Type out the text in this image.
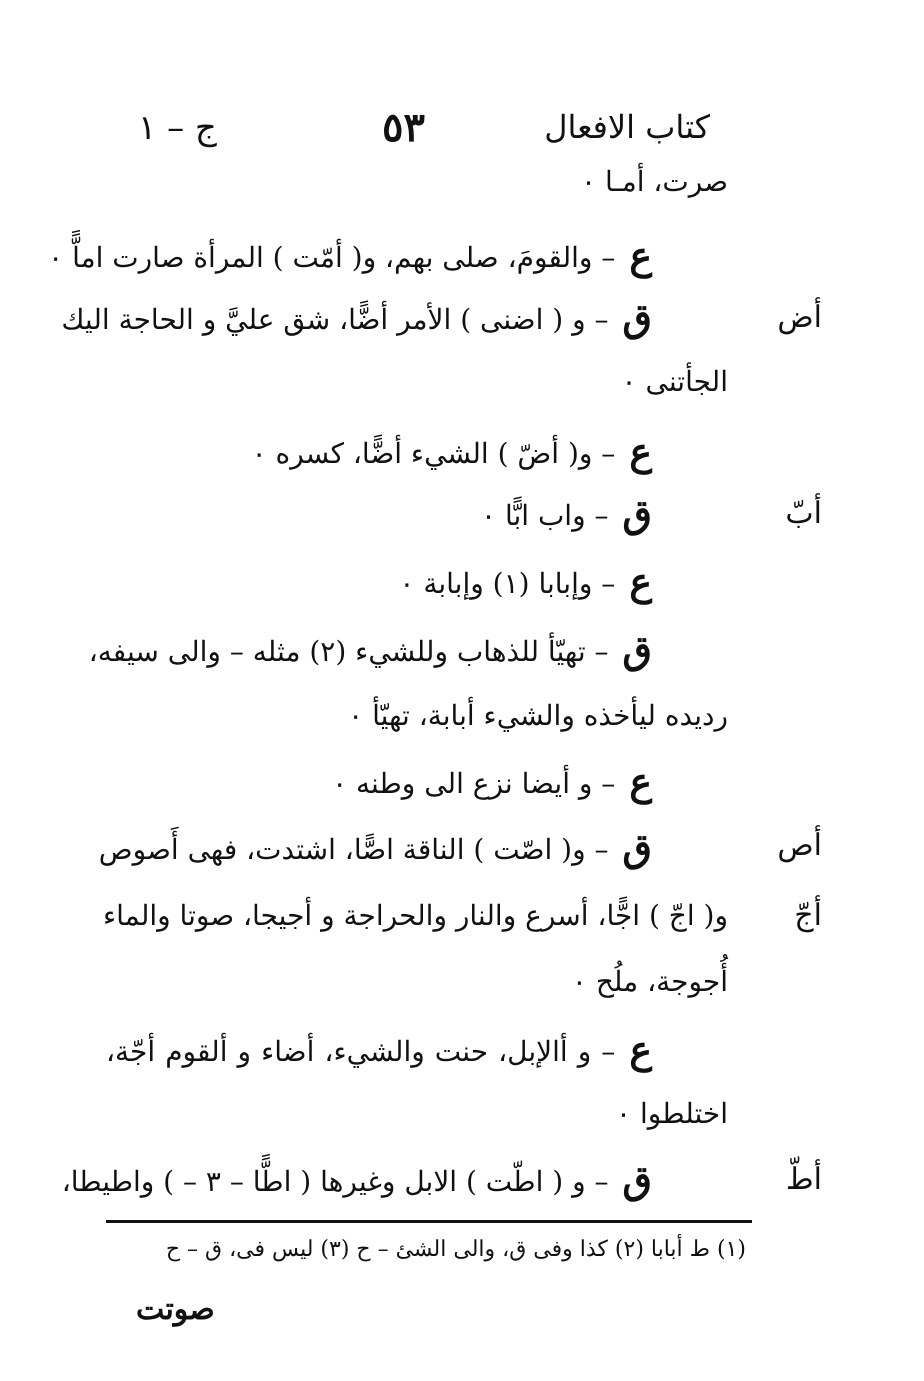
ج – ١	٥٣	كتاب الافعال
صرت، أمـا ٠
ع– والقومَ، صلى بهم، و( أمّت ) المرأة صارت اماًّ ٠
ق– و ( اضنى ) الأمر أضًّا، شق عليَّ و الحاجة اليك
الجأتنى ٠
ع– و( أضّ ) الشيء أضًّا، كسره ٠
ق– واب ابًّا ٠
ع– وإبابا (١) وإبابة ٠
ق– تهيّأ للذهاب وللشيء (٢) مثله – والى سيفه،
رديده ليأخذه والشيء أبابة، تهيّأ ٠
ع– و أيضا نزع الى وطنه ٠
ق– و( اصّت ) الناقة اصًّا، اشتدت، فهى أَصوص
و( اجّ ) اجًّا، أسرع والنار والحراجة و أجيجا، صوتا والماء
أُجوجة، ملُح ٠
ع– و أالإبل، حنت والشيء، أضاء و ألقوم أجّة،
اختلطوا ٠
ق– و ( اطّت ) الابل وغيرها ( اطًّا – ٣ – ) واطيطا،
أض
أبّ
أص
أجّ
أطّ
(١) ط أبابا (٢) كذا وفى ق، والى الشئ – ح (٣) ليس فى، ق – ح
صوتت
